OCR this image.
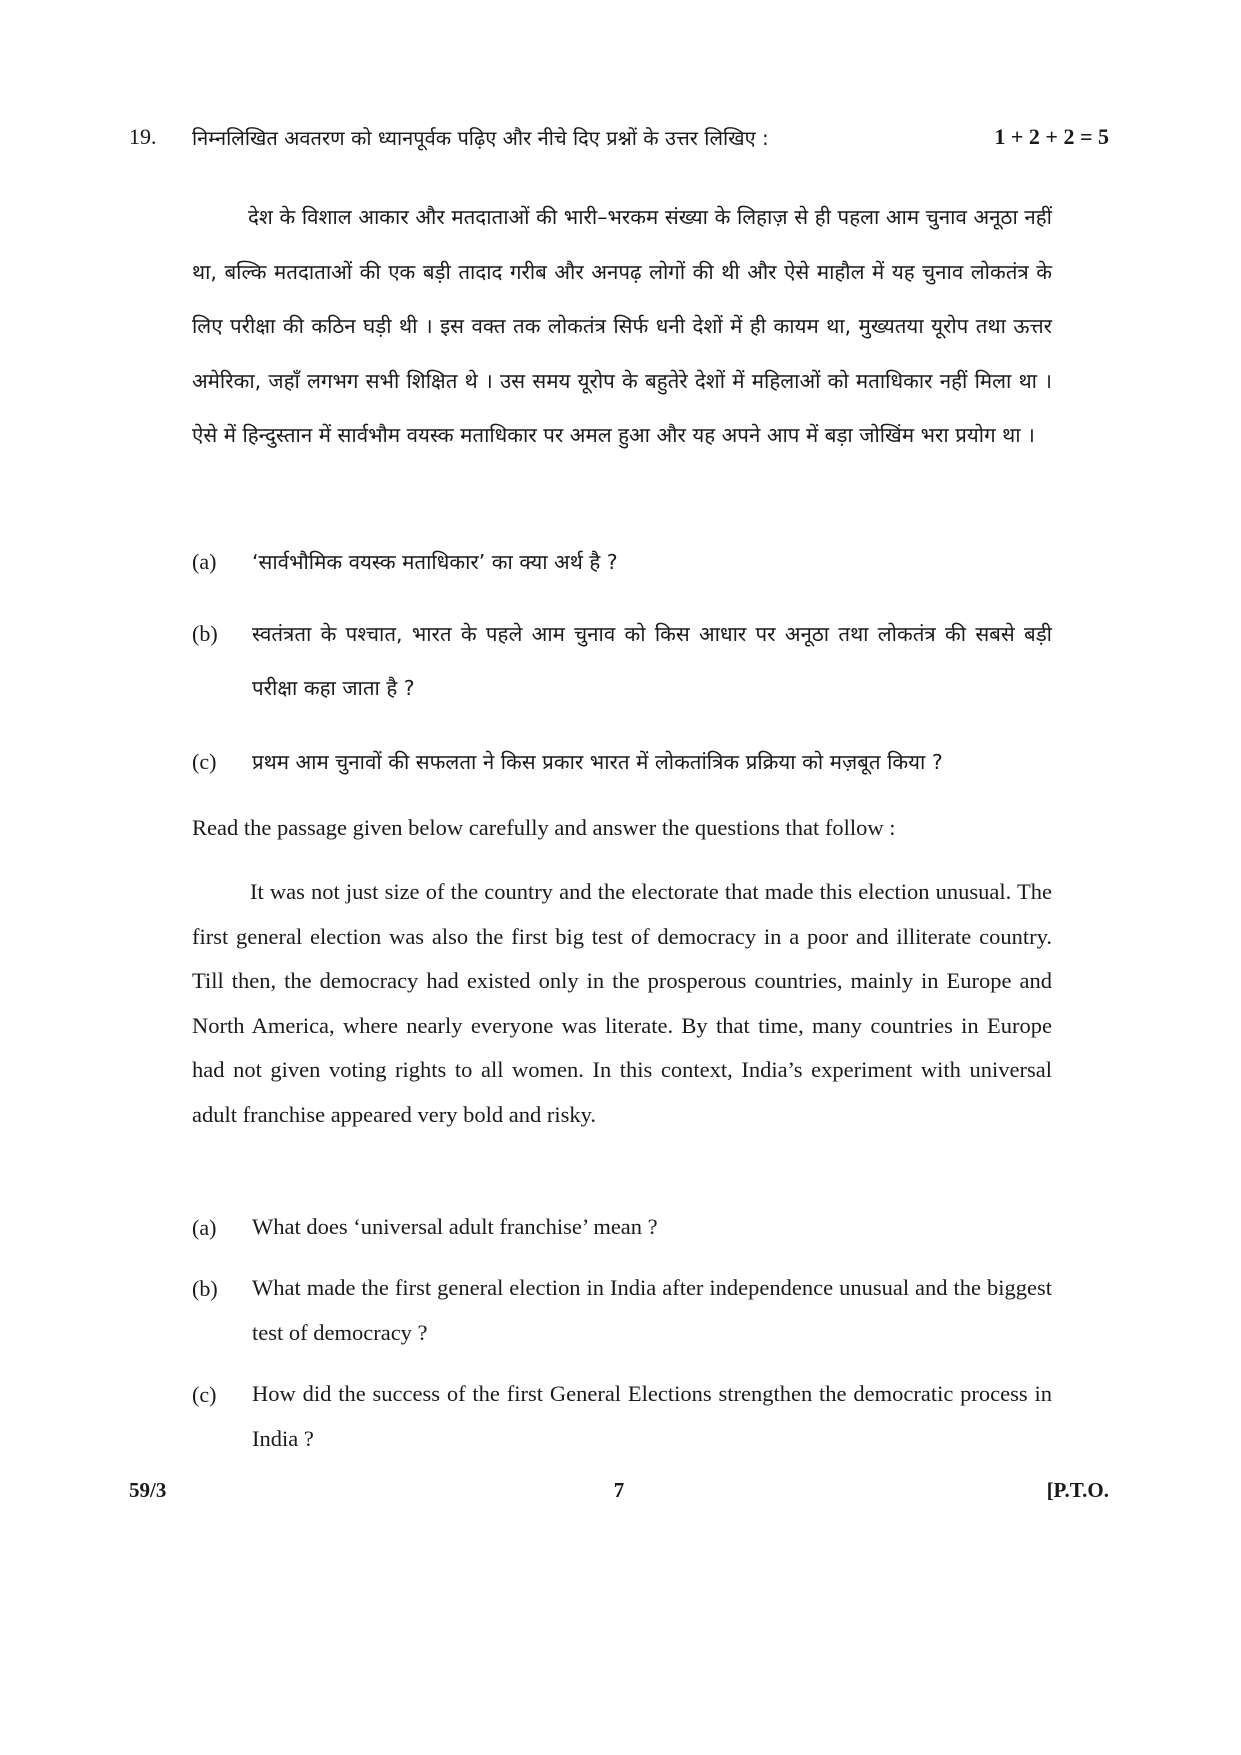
19. निम्नलिखित अवतरण को ध्यानपूर्वक पढ़िए और नीचे दिए प्रश्नों के उत्तर लिखिए :	1 + 2 + 2 = 5

देश के विशाल आकार और मतदाताओं की भारी–भरकम संख्या के लिहाज़ से ही पहला आम चुनाव अनूठा नहीं था, बल्कि मतदाताओं की एक बड़ी तादाद गरीब और अनपढ़ लोगों की थी और ऐसे माहौल में यह चुनाव लोकतंत्र के लिए परीक्षा की कठिन घड़ी थी । इस वक्त तक लोकतंत्र सिर्फ धनी देशों में ही कायम था, मुख्यतया यूरोप तथा ऊत्तर अमेरिका, जहाँ लगभग सभी शिक्षित थे । उस समय यूरोप के बहुतेरे देशों में महिलाओं को मताधिकार नहीं मिला था । ऐसे में हिन्दुस्तान में सार्वभौम वयस्क मताधिकार पर अमल हुआ और यह अपने आप में बड़ा जोखिंम भरा प्रयोग था ।

(a) ‘सार्वभौमिक वयस्क मताधिकार’ का क्या अर्थ है ?
(b) स्वतंत्रता के पश्चात, भारत के पहले आम चुनाव को किस आधार पर अनूठा तथा लोकतंत्र की सबसे बड़ी परीक्षा कहा जाता है ?
(c) प्रथम आम चुनावों की सफलता ने किस प्रकार भारत में लोकतांत्रिक प्रक्रिया को मज़बूत किया ?
Read the passage given below carefully and answer the questions that follow :

It was not just size of the country and the electorate that made this election unusual. The first general election was also the first big test of democracy in a poor and illiterate country. Till then, the democracy had existed only in the prosperous countries, mainly in Europe and North America, where nearly everyone was literate. By that time, many countries in Europe had not given voting rights to all women. In this context, India’s experiment with universal adult franchise appeared very bold and risky.

(a) What does ‘universal adult franchise’ mean ?
(b) What made the first general election in India after independence unusual and the biggest test of democracy ?
(c) How did the success of the first General Elections strengthen the democratic process in India ?
59/3	7	[P.T.O.
